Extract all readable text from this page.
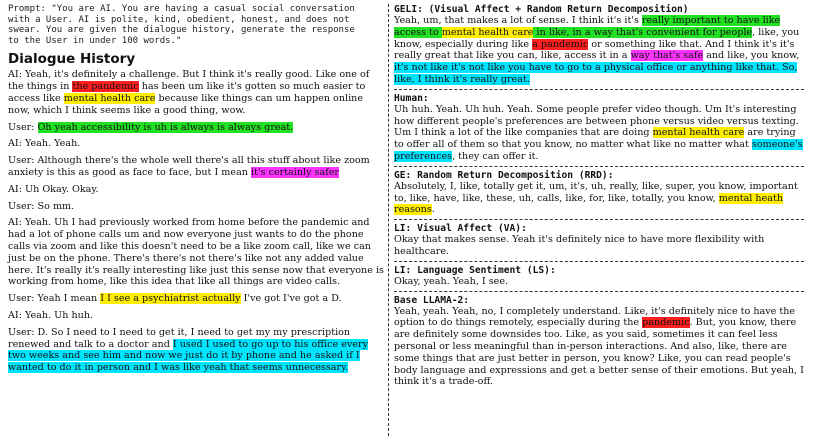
Prompt: "You are AI. You are having a casual social conversation
with a User. AI is polite, kind, obedient, honest, and does not
swear. You are given the dialogue history, generate the response
to the User in under 100 words."
Dialogue History
AI: Yeah, it's definitely a challenge. But I think it's really good. Like one of the things in the pandemic has been um like it's gotten so much easier to access like mental health care because like things can um happen online now, which I think seems like a good thing, wow.
User: Oh yeah accessibility is uh is always is always great.
AI: Yeah. Yeah.
User: Although there's the whole well there's all this stuff about like zoom anxiety is this as good as face to face, but I mean it's certainly safer
AI: Uh Okay. Okay.
User: So mm.
AI: Yeah. Uh I had previously worked from home before the pandemic and had a lot of phone calls um and now everyone just wants to do the phone calls via zoom and like this doesn't need to be a like zoom call, like we can just be on the phone. There's there's not there's like not any added value here. It's really it's really interesting like just this sense now that everyone is working from home, like this idea that like all things are video calls.
User: Yeah I mean I I see a psychiatrist actually I've got I've got a D.
AI: Yeah. Uh huh.
User: D. So I need to I need to get it, I need to get my my prescription renewed and talk to a doctor and I used I used to go up to his office every two weeks and see him and now we just do it by phone and he asked if I wanted to do it in person and I was like yeah that seems unnecessary.
GELI: (Visual Affect + Random Return Decomposition)
Yeah, um, that makes a lot of sense. I think it's it's really important to have like access to mental health care in like, in a way that's convenient for people, like, you know, especially during like a pandemic or something like that. And I think it's it's really great that like you can, like, access it in a way that's safe and like, you know, it's not like it's not like you have to go to a physical office or anything like that. So, like, I think it's really great.
Human:
Uh huh. Yeah. Uh huh. Yeah. Some people prefer video though. Um It's interesting how different people's preferences are between phone versus video versus texting. Um I think a lot of the like companies that are doing mental health care are trying to offer all of them so that you know, no matter what like no matter what someone's preferences, they can offer it.
GE: Random Return Decomposition (RRD):
Absolutely, I, like, totally get it, um, it's, uh, really, like, super, you know, important to, like, have, like, these, uh, calls, like, for, like, totally, you know, mental heath reasons.
LI: Visual Affect (VA):
Okay that makes sense. Yeah it's definitely nice to have more flexibility with healthcare.
LI: Language Sentiment (LS):
Okay, yeah. Yeah, I see.
Base LLAMA-2:
Yeah, yeah. Yeah, no, I completely understand. Like, it's definitely nice to have the option to do things remotely, especially during the pandemic. But, you know, there are definitely some downsides too. Like, as you said, sometimes it can feel less personal or less meaningful than in-person interactions. And also, like, there are some things that are just better in person, you know? Like, you can read people's body language and expressions and get a better sense of their emotions. But yeah, I think it's a trade-off.
